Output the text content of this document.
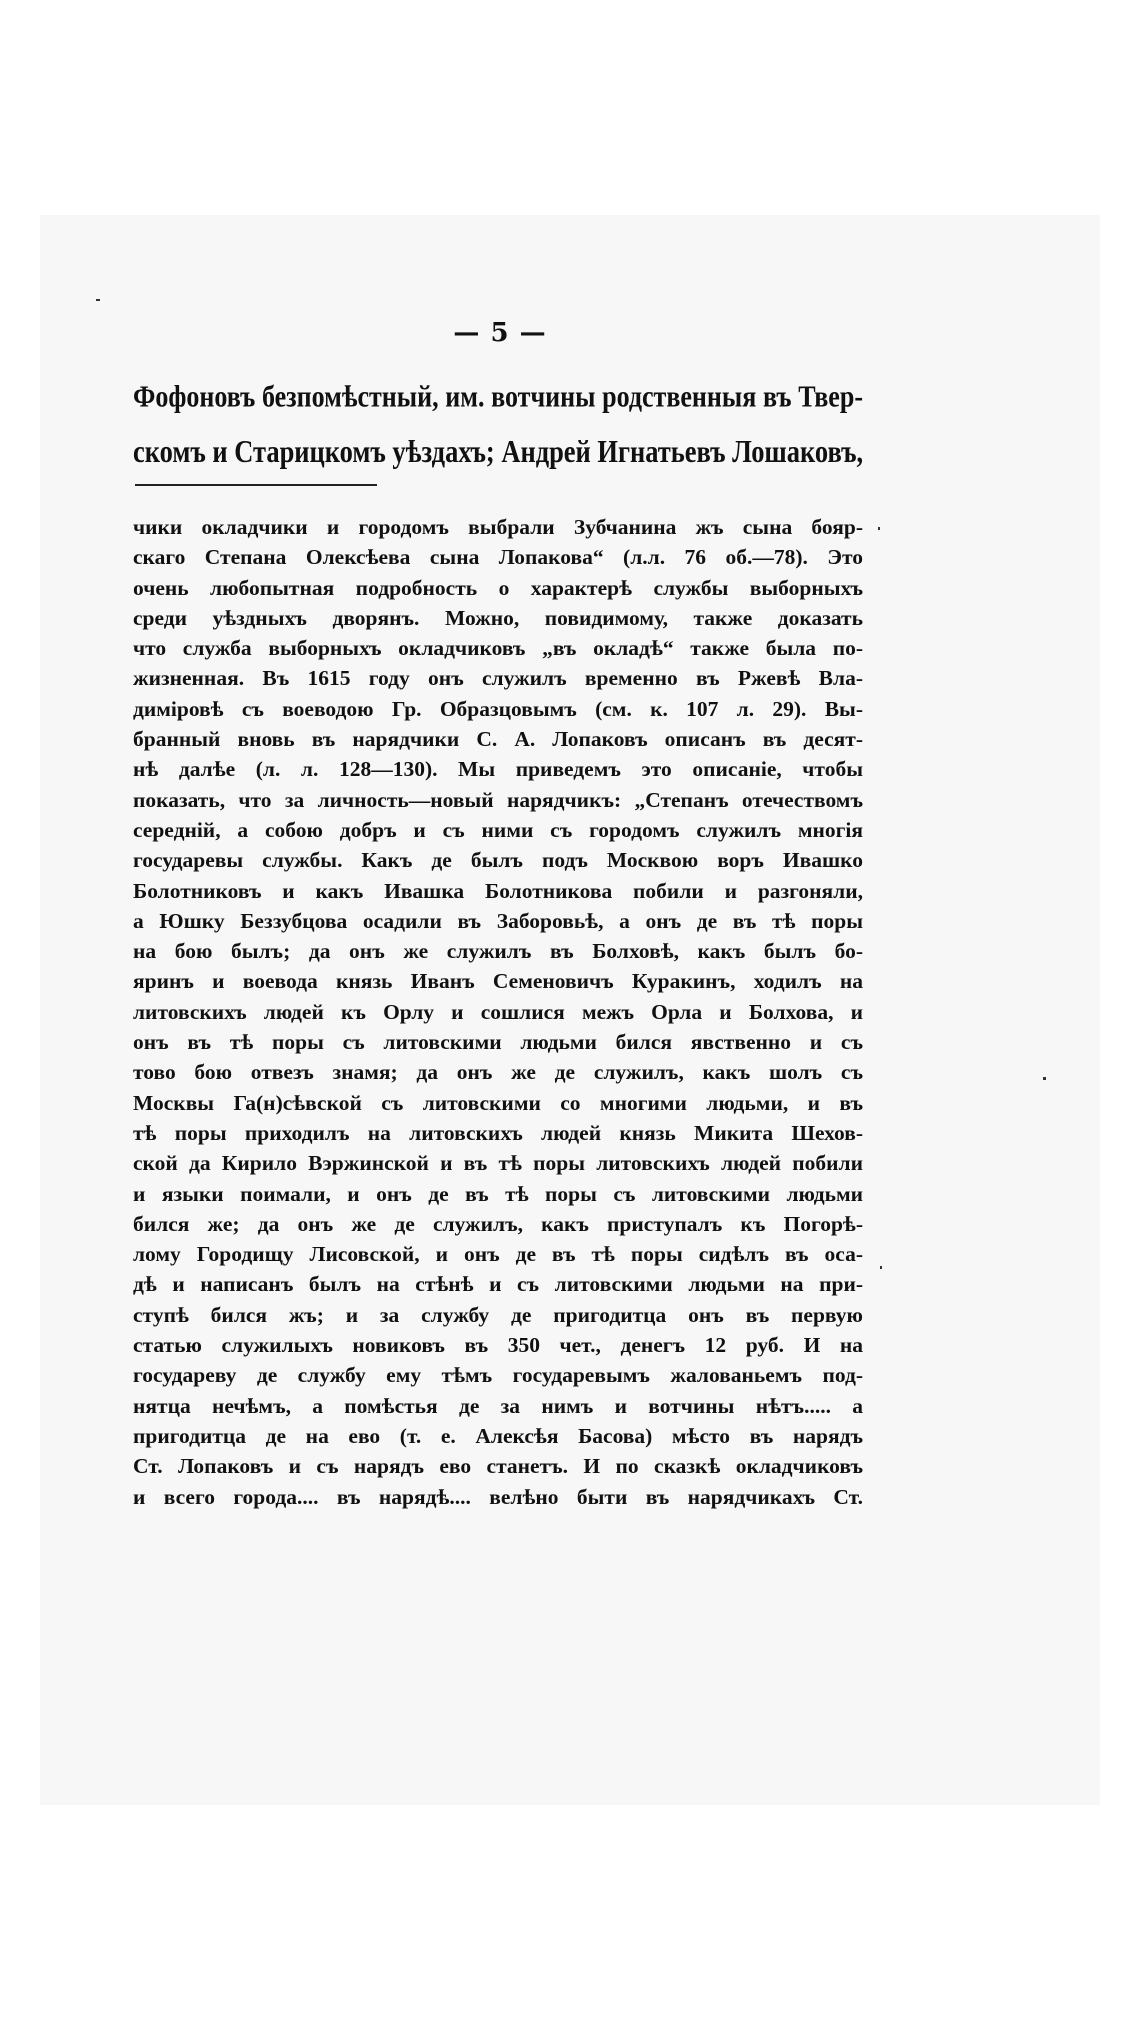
— 5 —
Фофоновъ безпомѣстный, им. вотчины родственныя въ Твер-
скомъ и Старицкомъ уѣздахъ; Андрей Игнатьевъ Лошаковъ,
чики окладчики и городомъ выбрали Зубчанина жъ сына бояр-
скаго Степана Олексѣева сына Лопакова“ (л.л. 76 об.—78). Это
очень любопытная подробность о характерѣ службы выборныхъ
среди уѣздныхъ дворянъ. Можно, повидимому, также доказать
что служба выборныхъ окладчиковъ „въ окладѣ“ также была по-
жизненная. Въ 1615 году онъ служилъ временно въ Ржевѣ Вла-
диміровѣ съ воеводою Гр. Образцовымъ (см. к. 107 л. 29). Вы-
бранный вновь въ нарядчики С. А. Лопаковъ описанъ въ десят-
нѣ далѣе (л. л. 128—130). Мы приведемъ это описаніе, чтобы
показать, что за личность—новый нарядчикъ: „Степанъ отечествомъ
середній, а собою добръ и съ ними съ городомъ служилъ многія
государевы службы. Какъ де былъ подъ Москвою воръ Ивашко
Болотниковъ и какъ Ивашка Болотникова побили и разгоняли,
а Юшку Беззубцова осадили въ Заборовьѣ, а онъ де въ тѣ поры
на бою былъ; да онъ же служилъ въ Болховѣ, какъ былъ бо-
яринъ и воевода князь Иванъ Семеновичъ Куракинъ, ходилъ на
литовскихъ людей къ Орлу и сошлися межъ Орла и Болхова, и
онъ въ тѣ поры съ литовскими людьми бился явственно и съ
тово бою отвезъ знамя; да онъ же де служилъ, какъ шолъ съ
Москвы Га(н)сѣвской съ литовскими со многими людьми, и въ
тѣ поры приходилъ на литовскихъ людей князь Микита Шехов-
ской да Кирило Вэржинской и въ тѣ поры литовскихъ людей побили
и языки поимали, и онъ де въ тѣ поры съ литовскими людьми
бился же; да онъ же де служилъ, какъ приступалъ къ Погорѣ-
лому Городищу Лисовской, и онъ де въ тѣ поры сидѣлъ въ оса-
дѣ и написанъ былъ на стѣнѣ и съ литовскими людьми на при-
ступѣ бился жъ; и за службу де пригодитца онъ въ первую
статью служилыхъ новиковъ въ 350 чет., денегъ 12 руб. И на
государеву де службу ему тѣмъ государевымъ жалованьемъ под-
нятца нечѣмъ, а помѣстья де за нимъ и вотчины нѣтъ..... а
пригодитца де на ево (т. е. Алексѣя Басова) мѣсто въ нарядъ
Ст. Лопаковъ и съ нарядъ ево станетъ. И по сказкѣ окладчиковъ
и всего города.... въ нарядѣ.... велѣно быти въ нарядчикахъ Ст.
